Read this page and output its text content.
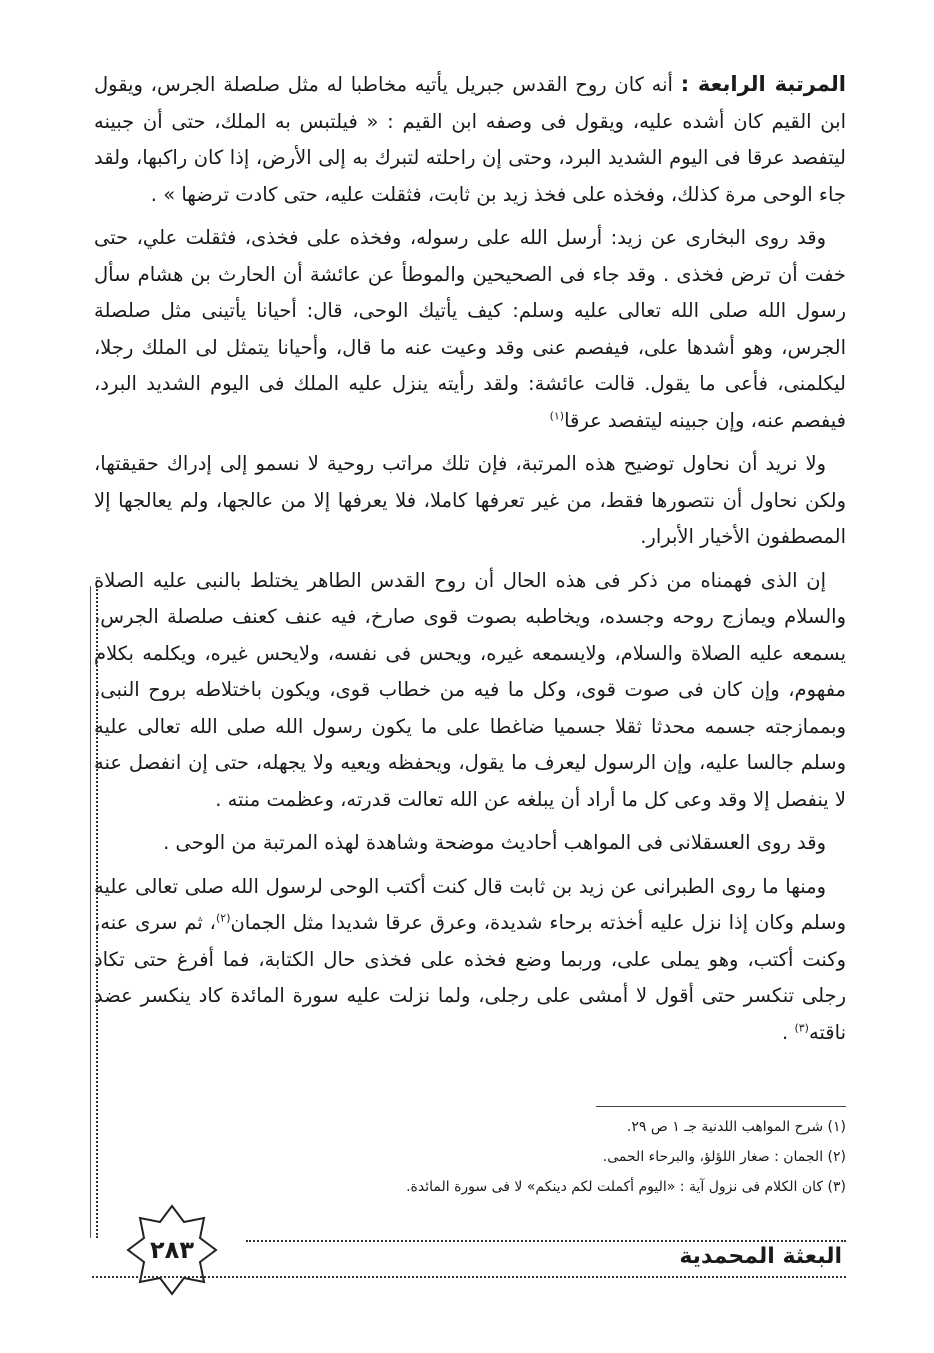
المرتبة الرابعة : أنه كان روح القدس جبريل يأتيه مخاطبا له مثل صلصلة الجرس، ويقول ابن القيم كان أشده عليه، ويقول فى وصفه ابن القيم : « فيلتبس به الملك، حتى أن جبينه ليتفصد عرقا فى اليوم الشديد البرد، وحتى إن راحلته لتبرك به إلى الأرض، إذا كان راكبها، ولقد جاء الوحى مرة كذلك، وفخذه على فخذ زيد بن ثابت، فثقلت عليه، حتى كادت ترضها » .

وقد روى البخارى عن زيد: أرسل الله على رسوله، وفخذه على فخذى، فثقلت علي، حتى خفت أن ترض فخذى . وقد جاء فى الصحيحين والموطأ عن عائشة أن الحارث بن هشام سأل رسول الله صلى الله تعالى عليه وسلم: كيف يأتيك الوحى، قال: أحيانا يأتينى مثل صلصلة الجرس، وهو أشدها على، فيفصم عنى وقد وعيت عنه ما قال، وأحيانا يتمثل لى الملك رجلا، ليكلمنى، فأعى ما يقول. قالت عائشة: ولقد رأيته ينزل عليه الملك فى اليوم الشديد البرد، فيفصم عنه، وإن جبينه ليتفصد عرقا$^{(١)}$

ولا نريد أن نحاول توضيح هذه المرتبة، فإن تلك مراتب روحية لا نسمو إلى إدراك حقيقتها، ولكن نحاول أن نتصورها فقط، من غير تعرفها كاملا، فلا يعرفها إلا من عالجها، ولم يعالجها إلا المصطفون الأخيار الأبرار.

إن الذى فهمناه من ذكر فى هذه الحال أن روح القدس الطاهر يختلط بالنبى عليه الصلاة والسلام ويمازج روحه وجسده، ويخاطبه بصوت قوى صارخ، فيه عنف كعنف صلصلة الجرس، يسمعه عليه الصلاة والسلام، ولايسمعه غيره، ويحس فى نفسه، ولايحس غيره، ويكلمه بكلام مفهوم، وإن كان فى صوت قوى، وكل ما فيه من خطاب قوى، ويكون باختلاطه بروح النبى، وبممازجته جسمه محدثا ثقلا جسميا ضاغطا على ما يكون رسول الله صلى الله تعالى عليه وسلم جالسا عليه، وإن الرسول ليعرف ما يقول، ويحفظه ويعيه ولا يجهله، حتى إن انفصل عنه لا ينفصل إلا وقد وعى كل ما أراد أن يبلغه عن الله تعالت قدرته، وعظمت منته .

وقد روى العسقلانى فى المواهب أحاديث موضحة وشاهدة لهذه المرتبة من الوحى .

ومنها ما روى الطبرانى عن زيد بن ثابت قال كنت أكتب الوحى لرسول الله صلى تعالى عليه وسلم وكان إذا نزل عليه أخذته برحاء شديدة، وعرق عرقا شديدا مثل الجمان$^{(٢)}$، ثم سرى عنه، وكنت أكتب، وهو يملى على، وربما وضع فخذه على فخذى حال الكتابة، فما أفرغ حتى تكاد رجلى تنكسر حتى أقول لا أمشى على رجلى، ولما نزلت عليه سورة المائدة كاد ينكسر عضد ناقته$^{(٣)}$ .

(١) شرح المواهب اللدنية جـ ١ ص ٢٩.
(٢) الجمان : صغار اللؤلؤ، والبرحاء الحمى.
(٣) كان الكلام فى نزول آية : «اليوم أكملت لكم دينكم» لا فى سورة المائدة.
البعثة المحمدية
٢٨٣
